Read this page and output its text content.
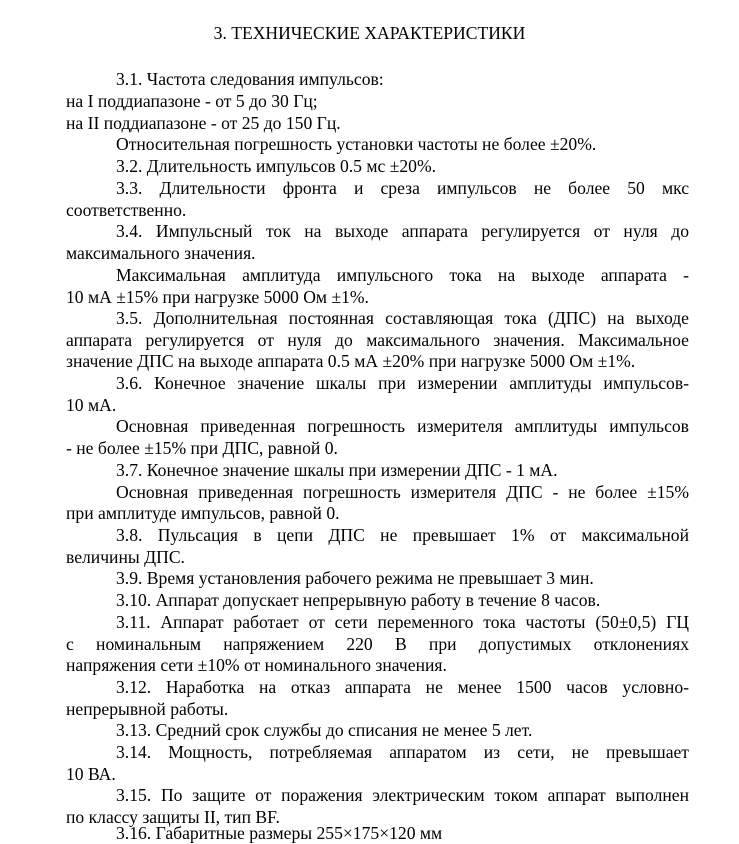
3. ТЕХНИЧЕСКИЕ ХАРАКТЕРИСТИКИ
3.1. Частота следования импульсов:
на I поддиапазоне - от 5 до 30 Гц;
на II поддиапазоне - от 25 до 150 Гц.
Относительная погрешность установки частоты не более ±20%.
3.2. Длительность импульсов 0.5 мс ±20%.
3.3. Длительности фронта и среза импульсов не более 50 мкс
соответственно.
3.4. Импульсный ток на выходе аппарата регулируется от нуля до
максимального значения.
Максимальная амплитуда импульсного тока на выходе аппарата -
10 мА ±15% при нагрузке 5000 Ом ±1%.
3.5. Дополнительная постоянная составляющая тока (ДПС) на выходе
аппарата регулируется от нуля до максимального значения. Максимальное
значение ДПС на выходе аппарата 0.5 мА ±20% при нагрузке 5000 Ом ±1%.
3.6. Конечное значение шкалы при измерении амплитуды импульсов-
10 мА.
Основная приведенная погрешность измерителя амплитуды импульсов
- не более ±15% при ДПС, равной 0.
3.7. Конечное значение шкалы при измерении ДПС - 1 мА.
Основная приведенная погрешность измерителя ДПС - не более ±15%
при амплитуде импульсов, равной 0.
3.8. Пульсация в цепи ДПС не превышает 1% от максимальной
величины ДПС.
3.9. Время установления рабочего режима не превышает 3 мин.
3.10. Аппарат допускает непрерывную работу в течение 8 часов.
3.11. Аппарат работает от сети переменного тока частоты (50±0,5) ГЦ
с номинальным напряжением 220 В при допустимых отклонениях
напряжения сети ±10% от номинального значения.
3.12. Наработка на отказ аппарата не менее 1500 часов условно-
непрерывной работы.
3.13. Средний срок службы до списания не менее 5 лет.
3.14. Мощность, потребляемая аппаратом из сети, не превышает
10 ВА.
3.15. По защите от поражения электрическим током аппарат выполнен
по классу защиты II, тип BF.
3.16. Габаритные размеры 255×175×120 мм
